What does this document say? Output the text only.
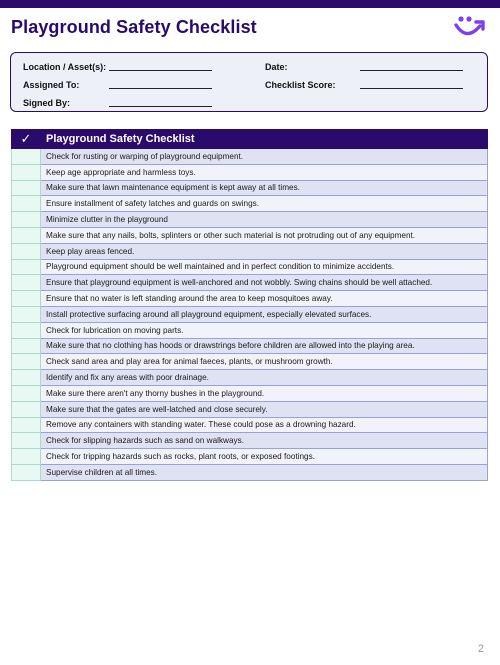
Playground Safety Checklist
Location / Asset(s):
Assigned To:
Signed By:
Date:
Checklist Score:
✓	Playground Safety Checklist
	Check for rusting or warping of playground equipment.
	Keep age appropriate and harmless toys.
	Make sure that lawn maintenance equipment is kept away at all times.
	Ensure installment of safety latches and guards on swings.
	Minimize clutter in the playground
	Make sure that any nails, bolts, splinters or other such material is not protruding out of any equipment.
	Keep play areas fenced.
	Playground equipment should be well maintained and in perfect condition to minimize accidents.
	Ensure that playground equipment is well-anchored and not wobbly. Swing chains should be well attached.
	Ensure that no water is left standing around the area to keep mosquitoes away.
	Install protective surfacing around all playground equipment, especially elevated surfaces.
	Check for lubrication on moving parts.
	Make sure that no clothing has hoods or drawstrings before children are allowed into the playing area.
	Check sand area and play area for animal faeces, plants, or mushroom growth.
	Identify and fix any areas with poor drainage.
	Make sure there aren't any thorny bushes in the playground.
	Make sure that the gates are well-latched and close securely.
	Remove any containers with standing water. These could pose as a drowning hazard.
	Check for slipping hazards such as sand on walkways.
	Check for tripping hazards such as rocks, plant roots, or exposed footings.
	Supervise children at all times.
2
